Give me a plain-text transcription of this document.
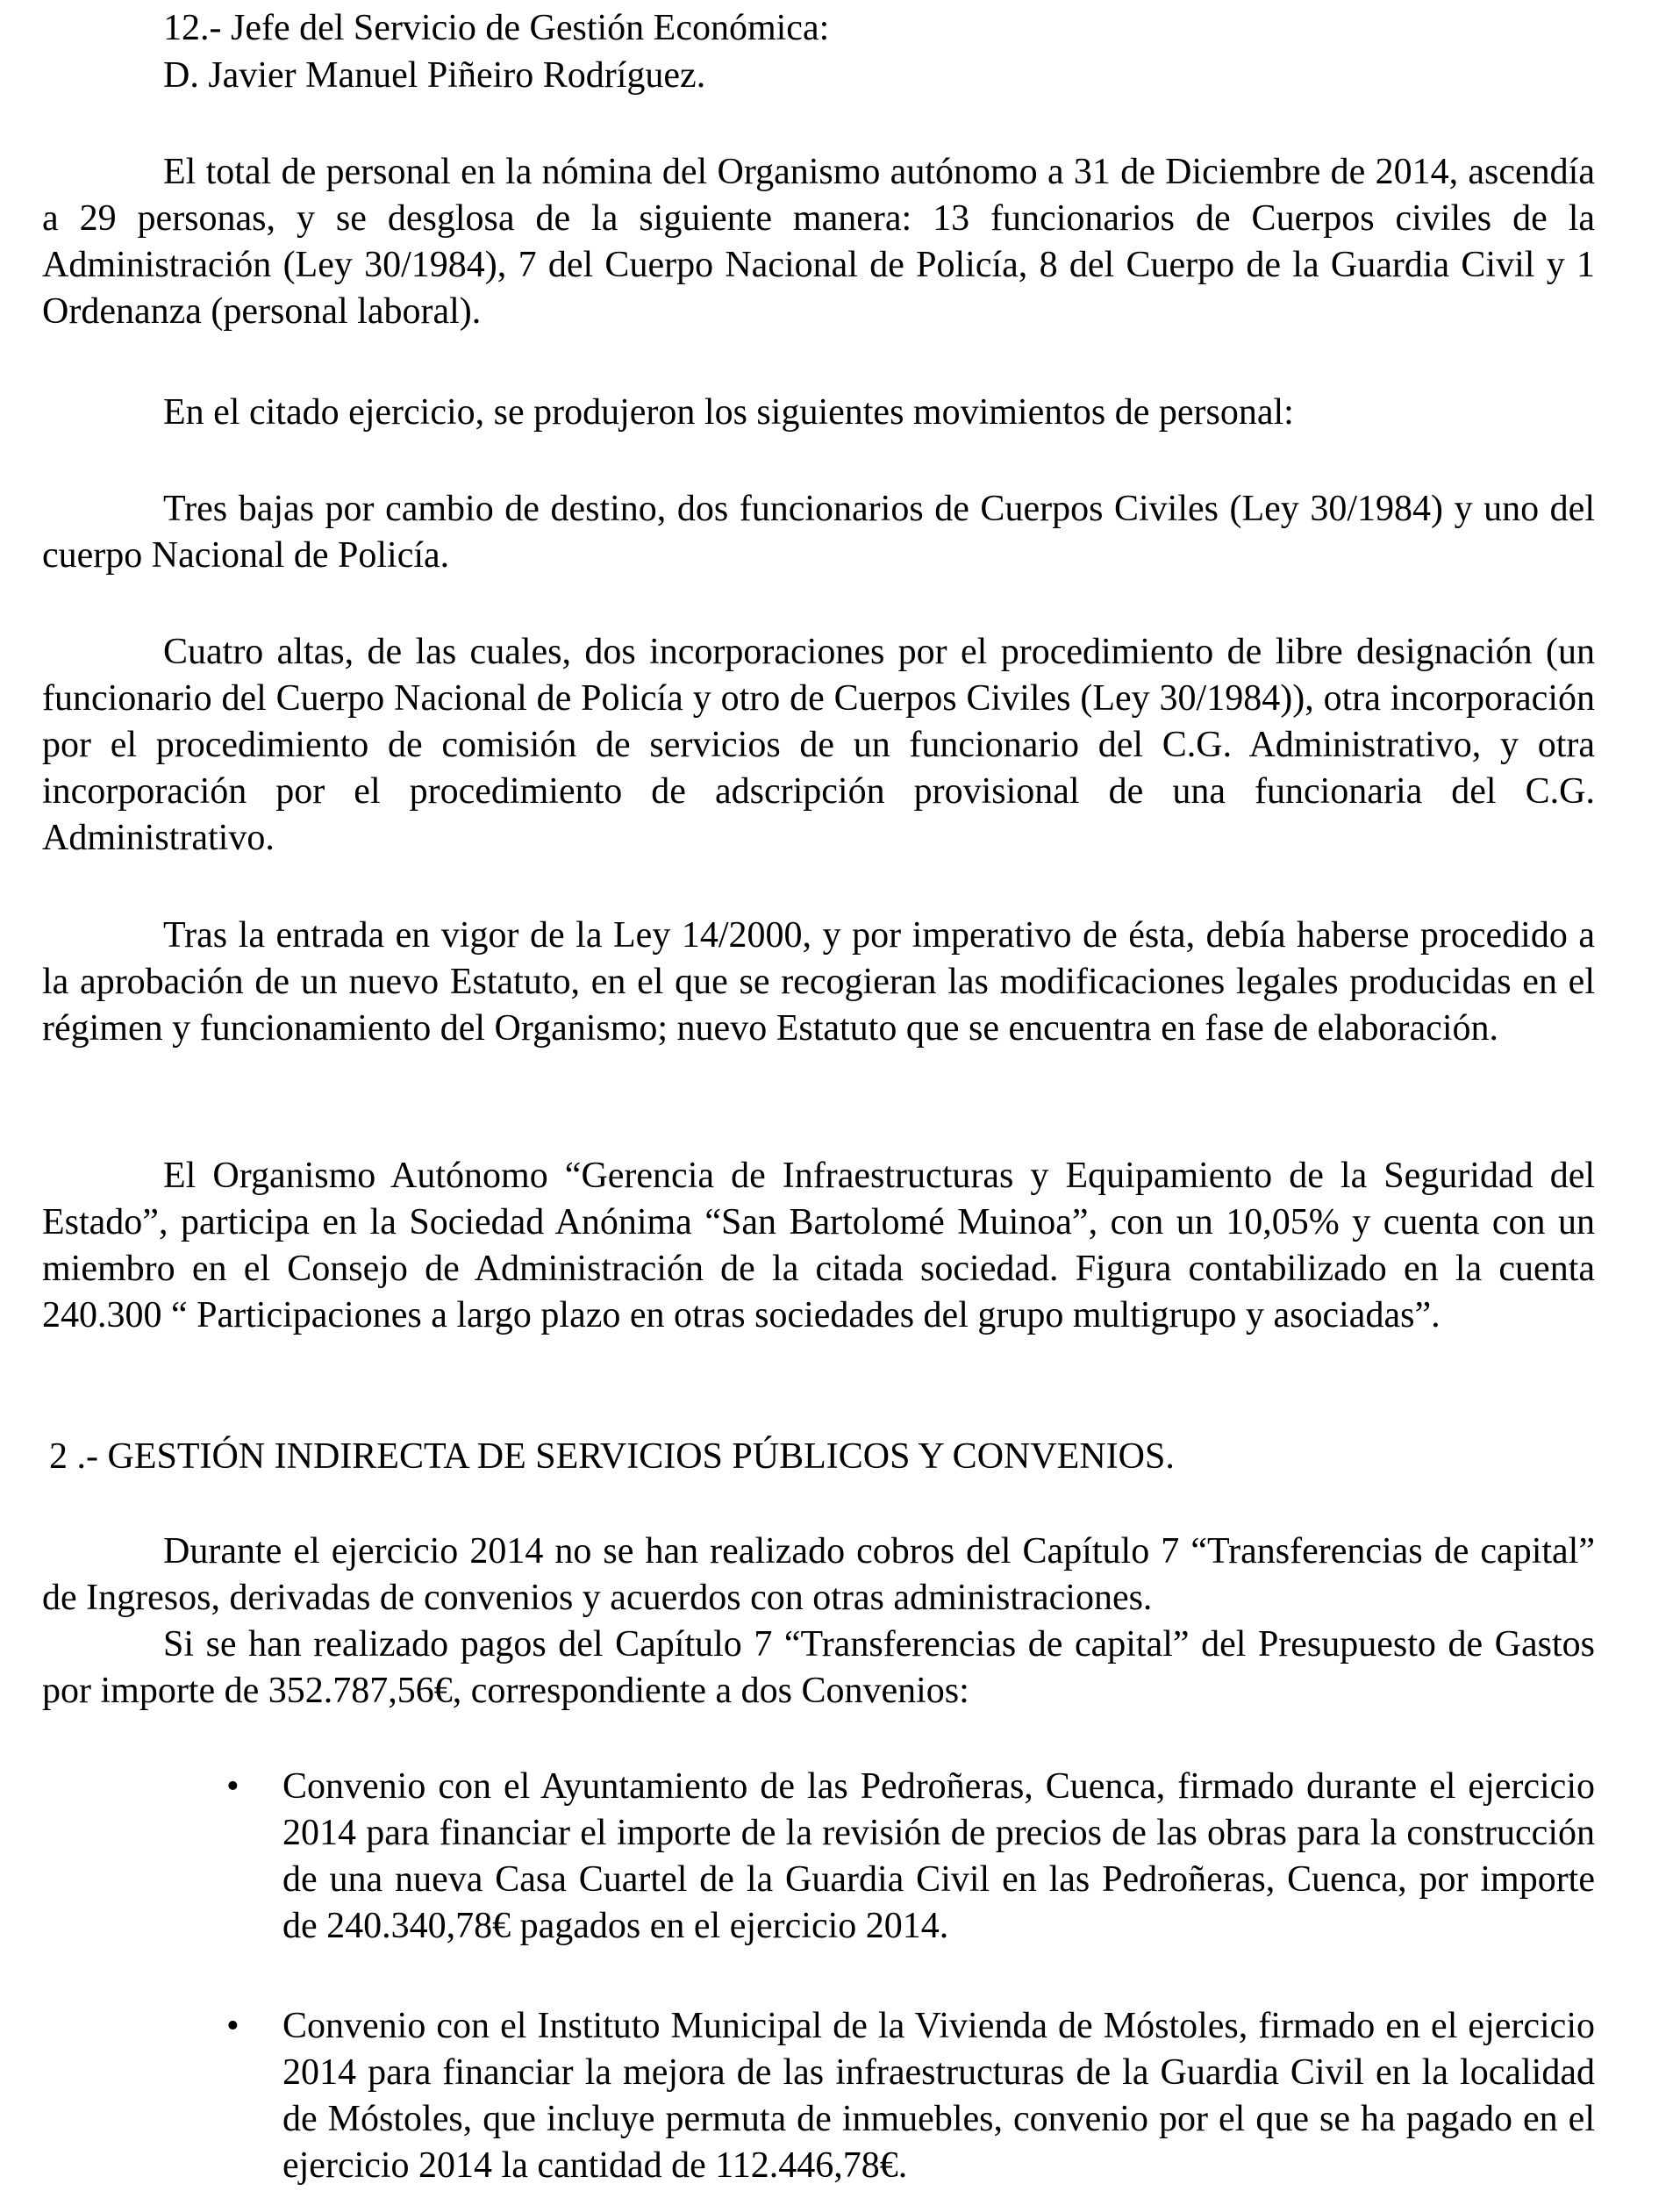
12.- Jefe del Servicio de Gestión Económica:
D. Javier Manuel Piñeiro Rodríguez.
El total de personal en la nómina del Organismo autónomo a 31 de Diciembre de 2014, ascendía a 29 personas, y se desglosa de la siguiente manera: 13 funcionarios de Cuerpos civiles de la Administración (Ley 30/1984), 7 del Cuerpo Nacional de Policía, 8 del Cuerpo de la Guardia Civil y 1 Ordenanza (personal laboral).
En el citado ejercicio, se produjeron los siguientes movimientos de personal:
Tres bajas por cambio de destino, dos funcionarios de Cuerpos Civiles (Ley 30/1984) y uno del cuerpo Nacional de Policía.
Cuatro altas, de las cuales, dos incorporaciones por el procedimiento de libre designación (un funcionario del Cuerpo Nacional de Policía y otro de Cuerpos Civiles (Ley 30/1984)), otra incorporación por el procedimiento de comisión de servicios de un funcionario del C.G. Administrativo, y otra incorporación por el procedimiento de adscripción provisional de una funcionaria del C.G. Administrativo.
Tras la entrada en vigor de la Ley 14/2000, y por imperativo de ésta, debía haberse procedido a la aprobación de un nuevo Estatuto, en el que se recogieran las modificaciones legales producidas en el régimen y funcionamiento del Organismo; nuevo Estatuto que se encuentra en fase de elaboración.
El Organismo Autónomo “Gerencia de Infraestructuras y Equipamiento de la Seguridad del Estado”, participa en la Sociedad Anónima “San Bartolomé Muinoa”, con un 10,05% y cuenta con un miembro en el Consejo de Administración de la citada sociedad. Figura contabilizado en la cuenta 240.300 “ Participaciones a largo plazo en otras sociedades del grupo multigrupo y asociadas”.
2 .- GESTIÓN INDIRECTA DE SERVICIOS PÚBLICOS Y CONVENIOS.
Durante el ejercicio 2014 no se han realizado cobros del Capítulo 7 “Transferencias de capital” de Ingresos, derivadas de convenios y acuerdos con otras administraciones.
Si se han realizado pagos del Capítulo 7 “Transferencias de capital” del Presupuesto de Gastos por importe de 352.787,56€, correspondiente a dos Convenios:
• Convenio con el Ayuntamiento de las Pedroñeras, Cuenca, firmado durante el ejercicio 2014 para financiar el importe de la revisión de precios de las obras para la construcción de una nueva Casa Cuartel de la Guardia Civil en las Pedroñeras, Cuenca, por importe de 240.340,78€ pagados en el ejercicio 2014.
• Convenio con el Instituto Municipal de la Vivienda de Móstoles, firmado en el ejercicio 2014 para financiar la mejora de las infraestructuras de la Guardia Civil en la localidad de Móstoles, que incluye permuta de inmuebles, convenio por el que se ha pagado en el ejercicio 2014 la cantidad de 112.446,78€.
